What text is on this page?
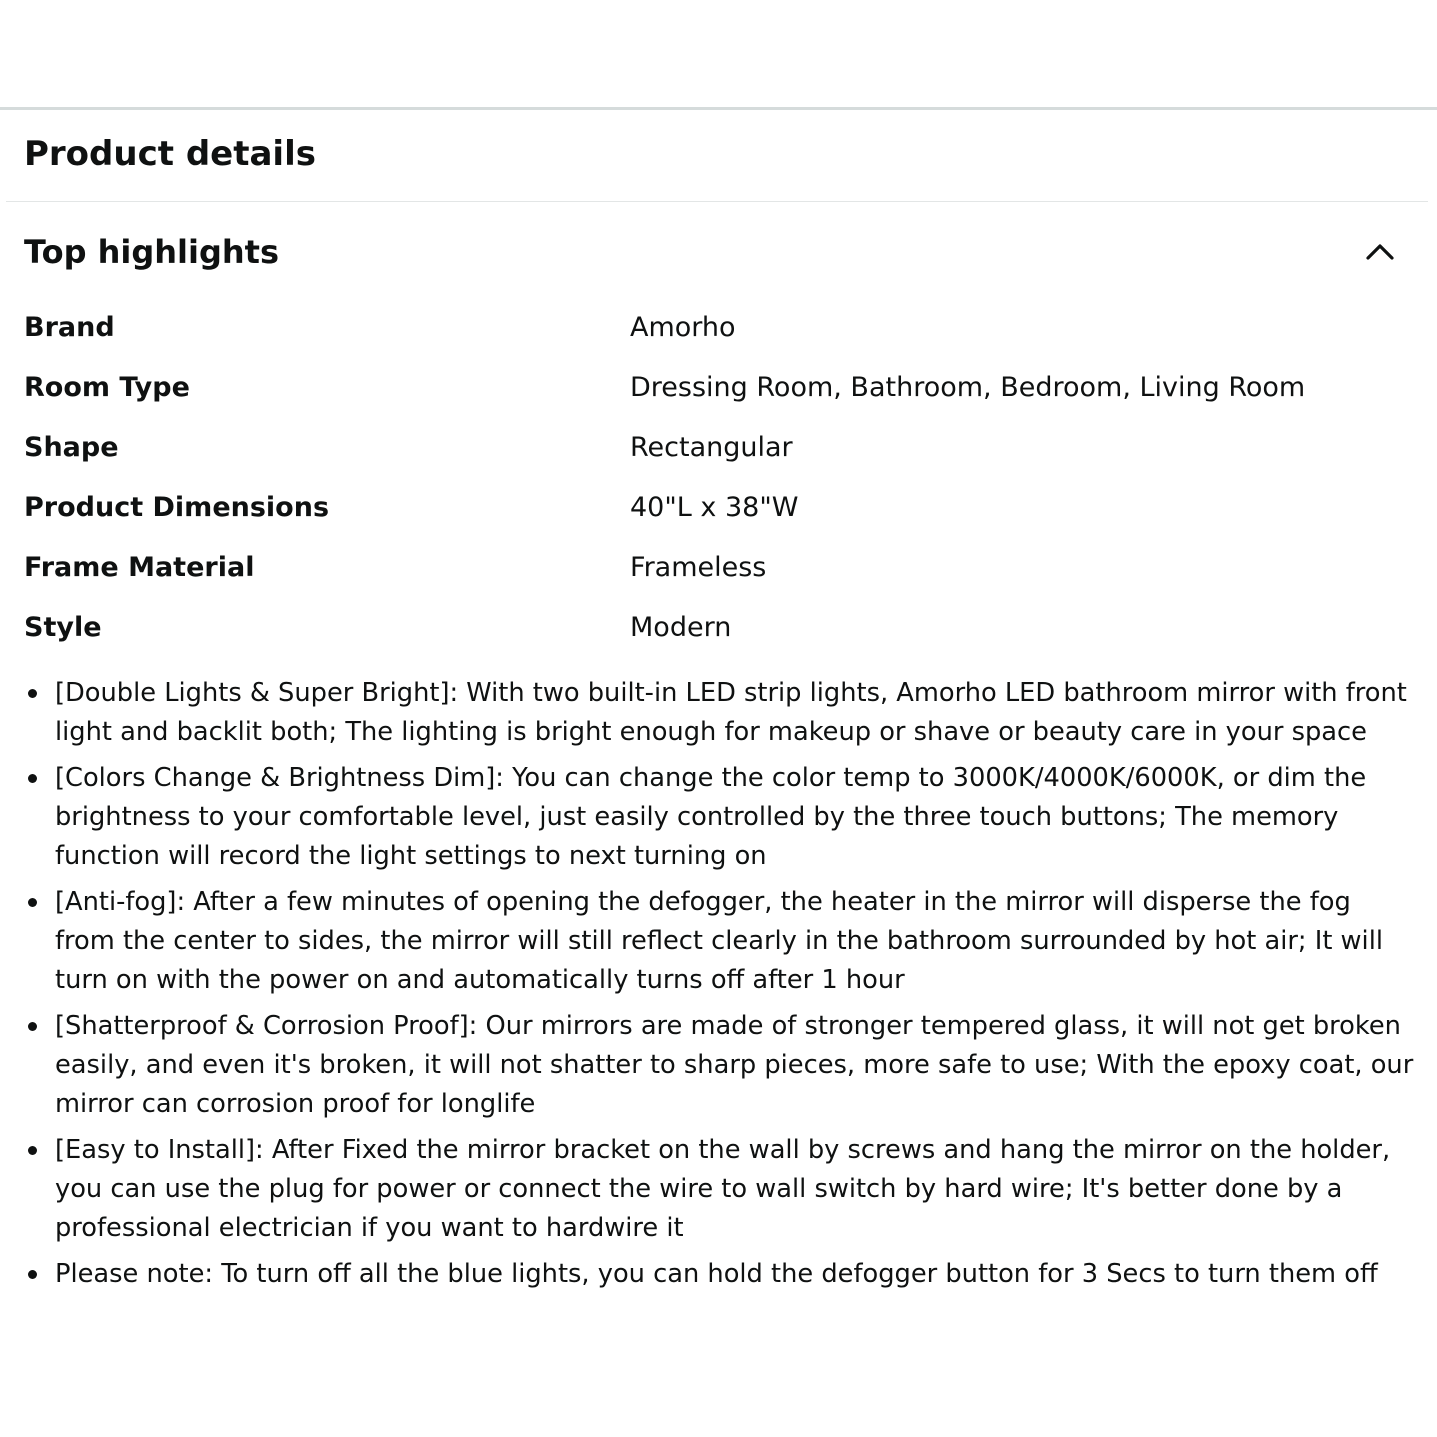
Product details
Top highlights
Brand	Amorho
Room Type	Dressing Room, Bathroom, Bedroom, Living Room
Shape	Rectangular
Product Dimensions	40"L x 38"W
Frame Material	Frameless
Style	Modern
[Double Lights & Super Bright]: With two built-in LED strip lights, Amorho LED bathroom mirror with front light and backlit both; The lighting is bright enough for makeup or shave or beauty care in your space
[Colors Change & Brightness Dim]: You can change the color temp to 3000K/4000K/6000K, or dim the brightness to your comfortable level, just easily controlled by the three touch buttons; The memory function will record the light settings to next turning on
[Anti-fog]: After a few minutes of opening the defogger, the heater in the mirror will disperse the fog from the center to sides, the mirror will still reflect clearly in the bathroom surrounded by hot air; It will turn on with the power on and automatically turns off after 1 hour
[Shatterproof & Corrosion Proof]: Our mirrors are made of stronger tempered glass, it will not get broken easily, and even it's broken, it will not shatter to sharp pieces, more safe to use; With the epoxy coat, our mirror can corrosion proof for longlife
[Easy to Install]: After Fixed the mirror bracket on the wall by screws and hang the mirror on the holder, you can use the plug for power or connect the wire to wall switch by hard wire; It's better done by a professional electrician if you want to hardwire it
Please note: To turn off all the blue lights, you can hold the defogger button for 3 Secs to turn them off
